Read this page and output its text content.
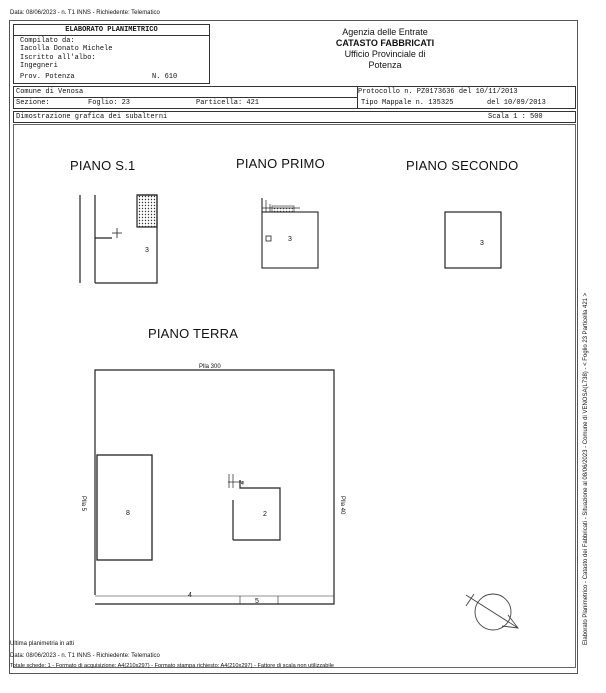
Data: 08/06/2023 - n. T1 INNS - Richiedente: Telematico
ELABORATO PLANIMETRICO
Compilato da:
Iacolla Donato Michele
Iscritto all'albo:
Ingegneri
Prov. Potenza	N. 610
Agenzia delle Entrate
CATASTO FABBRICATI
Ufficio Provinciale di
Potenza
Comune di Venosa
Sezione:	Foglio: 23	Particella: 421
Protocollo n. PZ0173636 del 10/11/2013
Tipo Mappale n. 135325	del 10/09/2013
Dimostrazione grafica dei subalterni	Scala 1 : 500
PIANO S.1	PIANO PRIMO	PIANO SECONDO
PIANO TERRA
3
3
3
8	2
4
4
5
Plla 300
Plla 5	Plla 40	Elaborato Planimetrico - Catasto dei Fabbricati - Situazione al 08/06/2023 - Comune di VENOSA(L738) - < Foglio 23 Particella 421 >
Ultima planimetria in atti
Data: 08/06/2023 - n. T1 INNS - Richiedente: Telematico
Totale schede: 1 - Formato di acquisizione: A4(210x297) - Formato stampa richiesto: A4(210x297) - Fattore di scala non utilizzabile
